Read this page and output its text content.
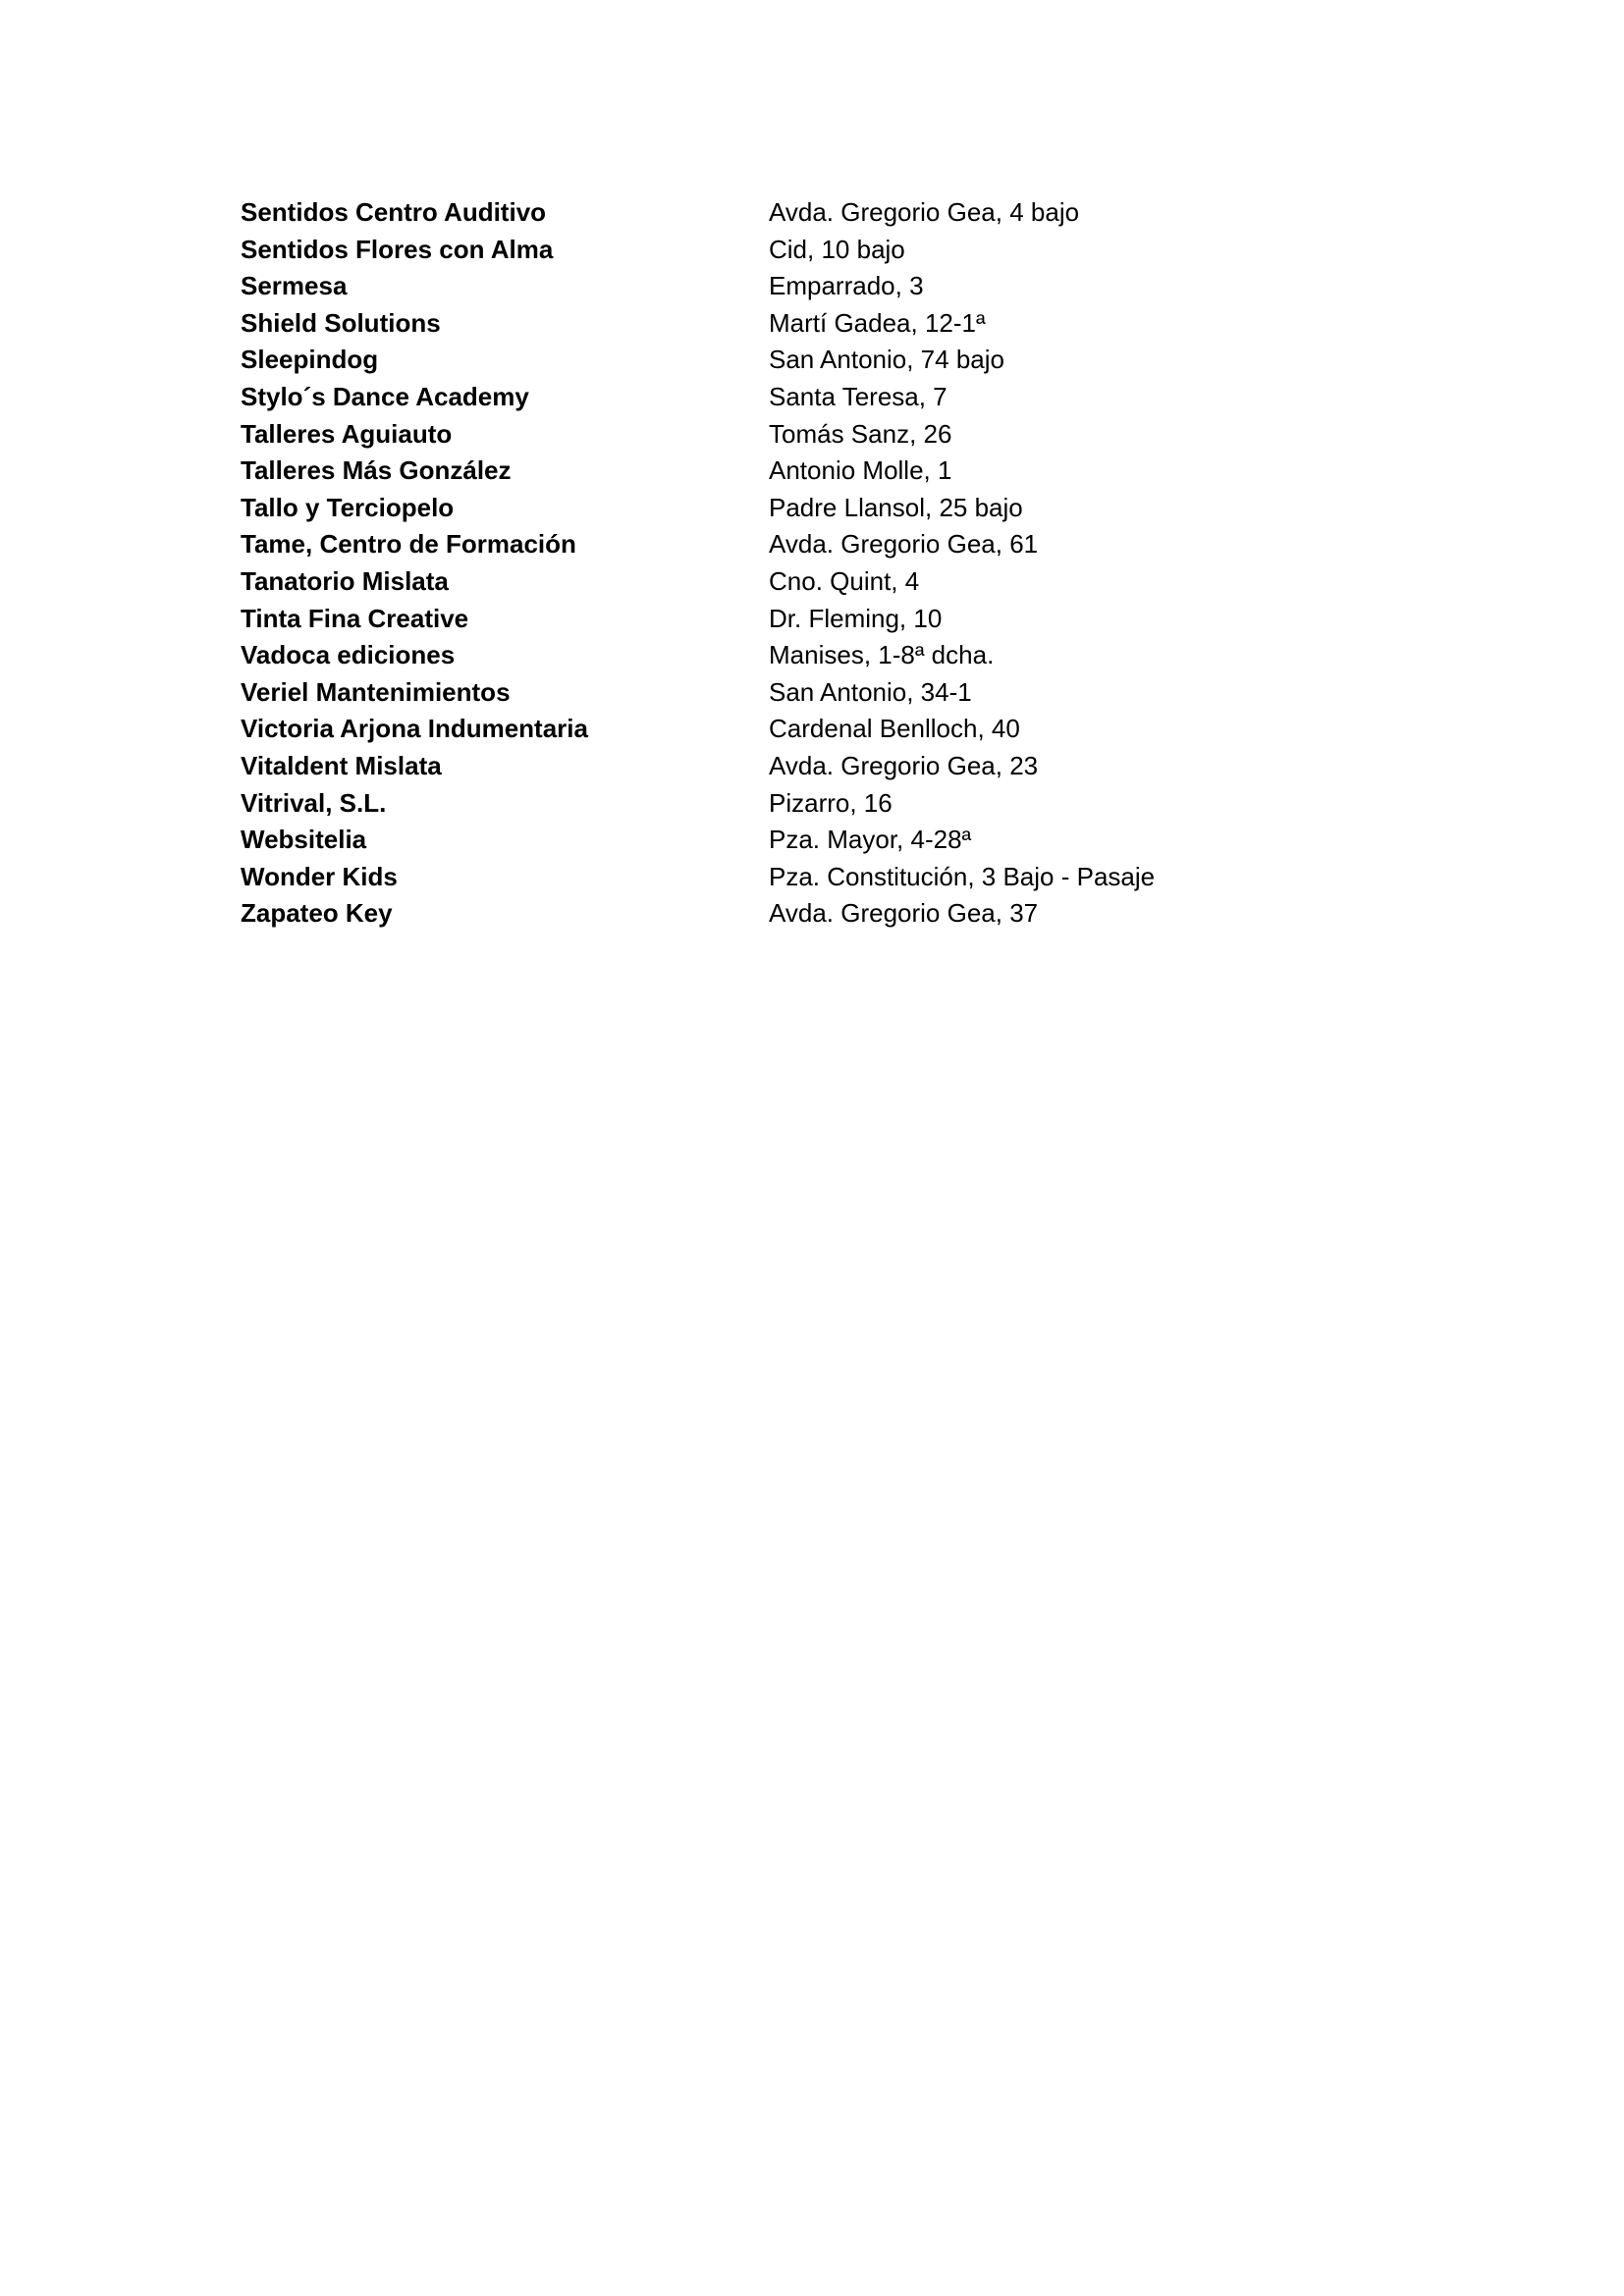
Sentidos Centro Auditivo	Avda. Gregorio Gea, 4 bajo
Sentidos Flores con Alma	Cid, 10 bajo
Sermesa	Emparrado, 3
Shield Solutions	Martí Gadea, 12-1ª
Sleepindog	San Antonio, 74 bajo
Stylo´s Dance Academy	Santa Teresa, 7
Talleres Aguiauto	Tomás Sanz, 26
Talleres Más González	Antonio Molle, 1
Tallo y Terciopelo	Padre Llansol, 25 bajo
Tame, Centro de Formación	Avda. Gregorio Gea, 61
Tanatorio Mislata	Cno. Quint, 4
Tinta Fina Creative	Dr. Fleming, 10
Vadoca ediciones	Manises, 1-8ª dcha.
Veriel Mantenimientos	San Antonio, 34-1
Victoria Arjona Indumentaria	Cardenal Benlloch, 40
Vitaldent Mislata	Avda. Gregorio Gea, 23
Vitrival, S.L.	Pizarro, 16
Websitelia	Pza. Mayor, 4-28ª
Wonder Kids	Pza. Constitución, 3 Bajo - Pasaje
Zapateo Key	Avda. Gregorio Gea, 37
